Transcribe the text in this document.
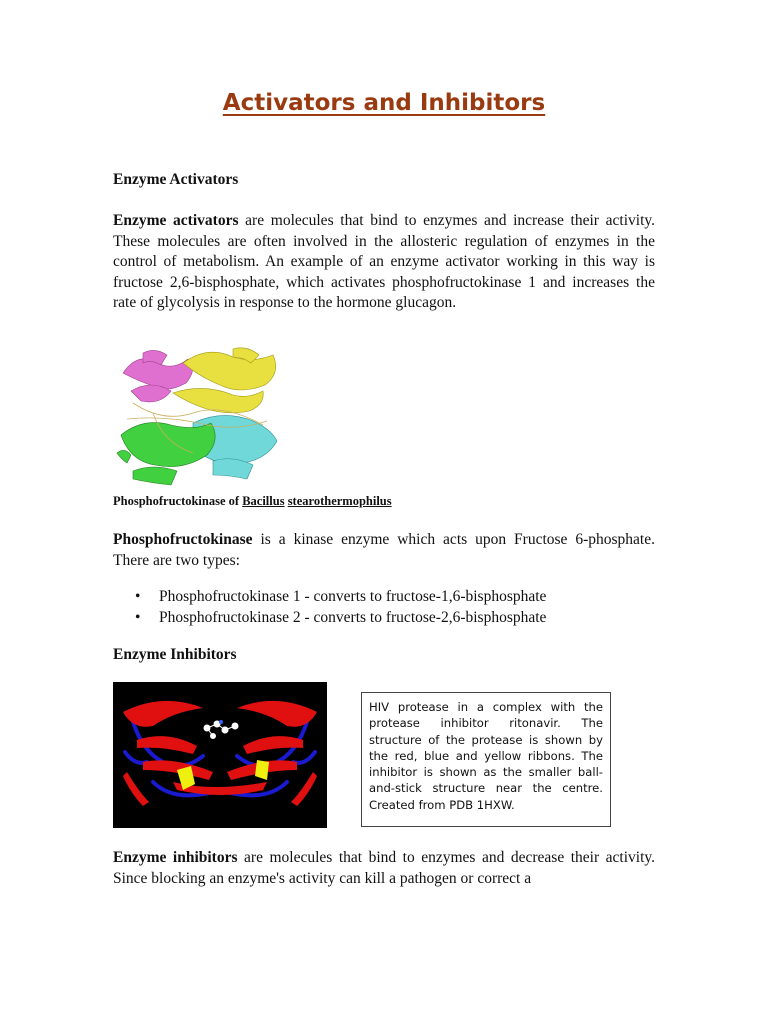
Activators and Inhibitors
Enzyme Activators
Enzyme activators are molecules that bind to enzymes and increase their activity. These molecules are often involved in the allosteric regulation of enzymes in the control of metabolism. An example of an enzyme activator working in this way is fructose 2,6-bisphosphate, which activates phosphofructokinase 1 and increases the rate of glycolysis in response to the hormone glucagon.
Phosphofructokinase of Bacillus stearothermophilus
Phosphofructokinase is a kinase enzyme which acts upon Fructose 6-phosphate. There are two types:
• Phosphofructokinase 1 - converts to fructose-1,6-bisphosphate
• Phosphofructokinase 2 - converts to fructose-2,6-bisphosphate
Enzyme Inhibitors
HIV protease in a complex with the protease inhibitor ritonavir. The structure of the protease is shown by the red, blue and yellow ribbons. The inhibitor is shown as the smaller ball-and-stick structure near the centre. Created from PDB 1HXW.
Enzyme inhibitors are molecules that bind to enzymes and decrease their activity. Since blocking an enzyme's activity can kill a pathogen or correct a
